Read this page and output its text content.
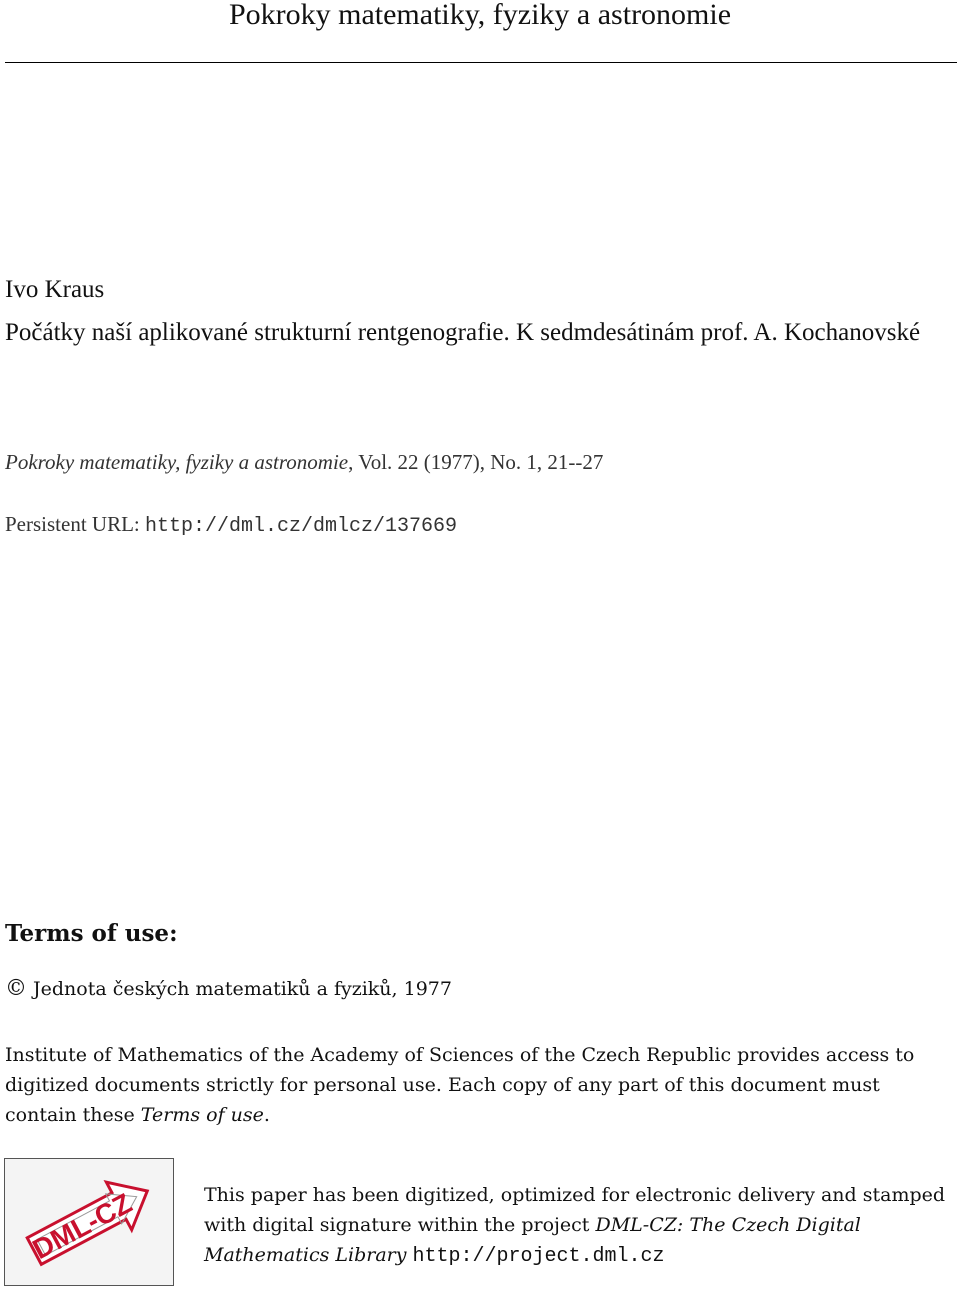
Pokroky matematiky, fyziky a astronomie
Ivo Kraus
Počátky naší aplikované strukturní rentgenografie. K sedmdesátinám prof. A. Kochanovské
Pokroky matematiky, fyziky a astronomie, Vol. 22 (1977), No. 1, 21--27
Persistent URL: http://dml.cz/dmlcz/137669
Terms of use:
© Jednota českých matematiků a fyziků, 1977
Institute of Mathematics of the Academy of Sciences of the Czech Republic provides access to digitized documents strictly for personal use. Each copy of any part of this document must contain these Terms of use.
DML-CZ	This paper has been digitized, optimized for electronic delivery and stamped with digital signature within the project DML-CZ: The Czech Digital Mathematics Library http://project.dml.cz
